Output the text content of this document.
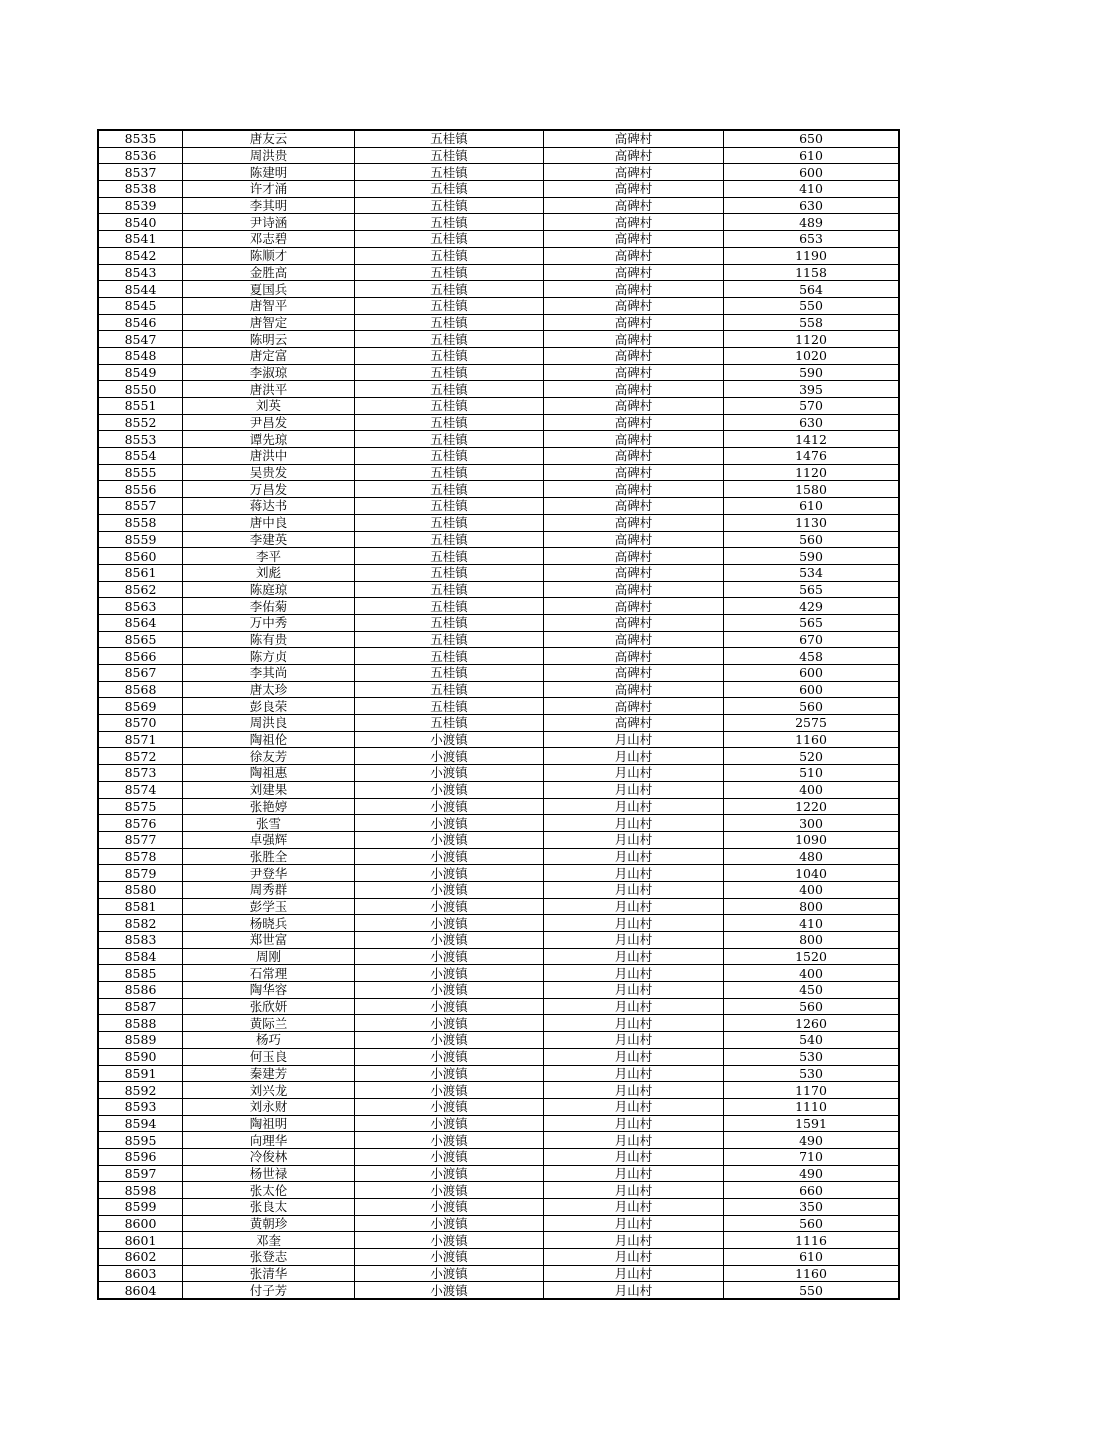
8535	唐友云	五桂镇	高碑村	650
8536	周洪贵	五桂镇	高碑村	610
8537	陈建明	五桂镇	高碑村	600
8538	许才涌	五桂镇	高碑村	410
8539	李其明	五桂镇	高碑村	630
8540	尹诗涵	五桂镇	高碑村	489
8541	邓志碧	五桂镇	高碑村	653
8542	陈顺才	五桂镇	高碑村	1190
8543	金胜高	五桂镇	高碑村	1158
8544	夏国兵	五桂镇	高碑村	564
8545	唐智平	五桂镇	高碑村	550
8546	唐智定	五桂镇	高碑村	558
8547	陈明云	五桂镇	高碑村	1120
8548	唐定富	五桂镇	高碑村	1020
8549	李淑琼	五桂镇	高碑村	590
8550	唐洪平	五桂镇	高碑村	395
8551	刘英	五桂镇	高碑村	570
8552	尹昌发	五桂镇	高碑村	630
8553	谭先琼	五桂镇	高碑村	1412
8554	唐洪中	五桂镇	高碑村	1476
8555	吴贵发	五桂镇	高碑村	1120
8556	万昌发	五桂镇	高碑村	1580
8557	蒋达书	五桂镇	高碑村	610
8558	唐中良	五桂镇	高碑村	1130
8559	李建英	五桂镇	高碑村	560
8560	李平	五桂镇	高碑村	590
8561	刘彪	五桂镇	高碑村	534
8562	陈庭琼	五桂镇	高碑村	565
8563	李佑菊	五桂镇	高碑村	429
8564	万中秀	五桂镇	高碑村	565
8565	陈有贵	五桂镇	高碑村	670
8566	陈方贞	五桂镇	高碑村	458
8567	李其尚	五桂镇	高碑村	600
8568	唐太珍	五桂镇	高碑村	600
8569	彭良荣	五桂镇	高碑村	560
8570	周洪良	五桂镇	高碑村	2575
8571	陶祖伦	小渡镇	月山村	1160
8572	徐友芳	小渡镇	月山村	520
8573	陶祖惠	小渡镇	月山村	510
8574	刘建果	小渡镇	月山村	400
8575	张艳婷	小渡镇	月山村	1220
8576	张雪	小渡镇	月山村	300
8577	卓强辉	小渡镇	月山村	1090
8578	张胜全	小渡镇	月山村	480
8579	尹登华	小渡镇	月山村	1040
8580	周秀群	小渡镇	月山村	400
8581	彭学玉	小渡镇	月山村	800
8582	杨晓兵	小渡镇	月山村	410
8583	郑世富	小渡镇	月山村	800
8584	周刚	小渡镇	月山村	1520
8585	石常理	小渡镇	月山村	400
8586	陶华容	小渡镇	月山村	450
8587	张欣妍	小渡镇	月山村	560
8588	黄际兰	小渡镇	月山村	1260
8589	杨巧	小渡镇	月山村	540
8590	何玉良	小渡镇	月山村	530
8591	秦建芳	小渡镇	月山村	530
8592	刘兴龙	小渡镇	月山村	1170
8593	刘永财	小渡镇	月山村	1110
8594	陶祖明	小渡镇	月山村	1591
8595	向理华	小渡镇	月山村	490
8596	冷俊林	小渡镇	月山村	710
8597	杨世禄	小渡镇	月山村	490
8598	张太伦	小渡镇	月山村	660
8599	张良太	小渡镇	月山村	350
8600	黄朝珍	小渡镇	月山村	560
8601	邓奎	小渡镇	月山村	1116
8602	张登志	小渡镇	月山村	610
8603	张清华	小渡镇	月山村	1160
8604	付子芳	小渡镇	月山村	550
